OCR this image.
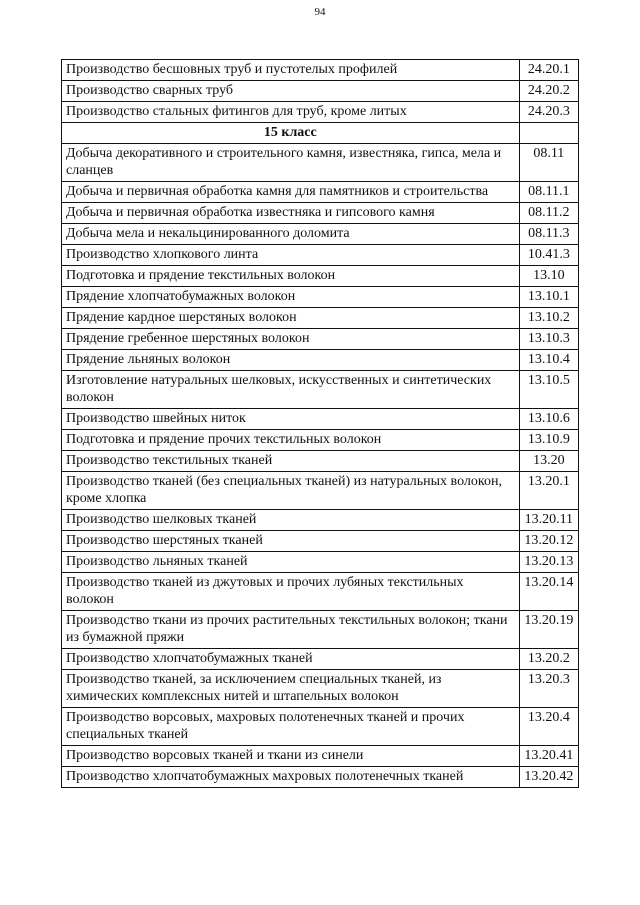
94
Производство бесшовных труб и пустотелых профилей	24.20.1
Производство сварных труб	24.20.2
Производство стальных фитингов для труб, кроме литых	24.20.3
15 класс	
Добыча декоративного и строительного камня, известняка, гипса, мела и сланцев	08.11
Добыча и первичная обработка камня для памятников и строительства	08.11.1
Добыча и первичная обработка известняка и гипсового камня	08.11.2
Добыча мела и некальцинированного доломита	08.11.3
Производство хлопкового линта	10.41.3
Подготовка и прядение текстильных волокон	13.10
Прядение хлопчатобумажных волокон	13.10.1
Прядение кардное шерстяных волокон	13.10.2
Прядение гребенное шерстяных волокон	13.10.3
Прядение льняных волокон	13.10.4
Изготовление натуральных шелковых, искусственных и синтетических волокон	13.10.5
Производство швейных ниток	13.10.6
Подготовка и прядение прочих текстильных волокон	13.10.9
Производство текстильных тканей	13.20
Производство тканей (без специальных тканей) из натуральных волокон, кроме хлопка	13.20.1
Производство шелковых тканей	13.20.11
Производство шерстяных тканей	13.20.12
Производство льняных тканей	13.20.13
Производство тканей из джутовых и прочих лубяных текстильных волокон	13.20.14
Производство ткани из прочих растительных текстильных волокон; ткани из бумажной пряжи	13.20.19
Производство хлопчатобумажных тканей	13.20.2
Производство тканей, за исключением специальных тканей, из химических комплексных нитей и штапельных волокон	13.20.3
Производство ворсовых, махровых полотенечных тканей и прочих специальных тканей	13.20.4
Производство ворсовых тканей и ткани из синели	13.20.41
Производство хлопчатобумажных махровых полотенечных тканей	13.20.42
